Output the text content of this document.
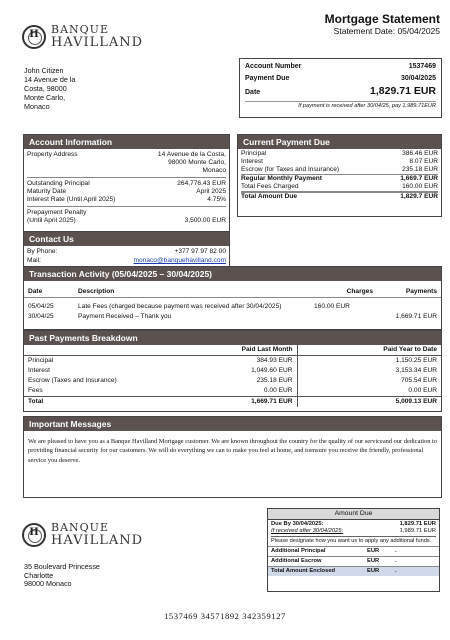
H	BANQUE
HAVILLAND
Mortgage Statement
Statement Date: 05/04/2025
John Citizen
14 Avenue de la
Costa, 98000
Monte Carlo,
Monaco
Account Number	1537469
Payment Due	30/04/2025
Date	1,829.71 EUR
If payment is received after 30/04/25, pay 1,989.71EUR
Account Information
Property Address	14 Avenue de la Costa,
98000 Monte Carlo,
Monaco
Outstanding Principal	264,776.43 EUR
Maturity Date	April 2025
Interest Rate (Until April 2025)	4.75%
Prepayment Penalty
(Until April 2025)	3,500.00 EUR
Contact Us
By Phone:	+377 97 97 82 00
Mail:	monaco@banquehavilland.com
Current Payment Due
Principal	386.46 EUR
Interest	8.07 EUR
Escrow (for Taxes and Insurance)	235.18 EUR
Regular Monthly Payment	1,669.7 EUR
Total Fees Charged	160.00 EUR
Total Amount Due	1,829.7 EUR
Transaction Activity (05/04/2025 – 30/04/2025)
Date	Description	Charges	Payments

05/04/25	Late Fees (charged because payment was received after 30/04/2025)	160.00 EUR	
30/04/25	Payment Received – Thank you		1,669.71 EUR
Past Payments Breakdown
	Paid Last Month	Paid Year to Date
Principal	384.93 EUR	1,150.25 EUR
Interest	1,049.60 EUR	3,153.34 EUR
Escrow (Taxes and Insurance)	235.18 EUR	705.54 EUR
Fees	0.00 EUR	0.00 EUR
Total	1,669.71 EUR	5,009.13 EUR
Important Messages

We are pleased to have you as a Banque Havilland Mortgage customer. We are known throughout the country for the quality of our serviceand our dedication to providing financial security for our customers. We will do everything we can to make you feel at home, and toensure you receive the friendly, professional service you deserve.

H	BANQUE
HAVILLAND
35 Boulevard Princesse
Charlotte
98000 Monaco
Amount Due
Due By 30/04/2025:	1,829.71 EUR
If received after 30/04/2025:	1,989.71 EUR
Please designate how you want us to apply any additional funds.
Additional Principal	EUR	.
Additional Escrow	EUR	.
Total Amount Enclosed	EUR	.
1537469 34571892 342359127
